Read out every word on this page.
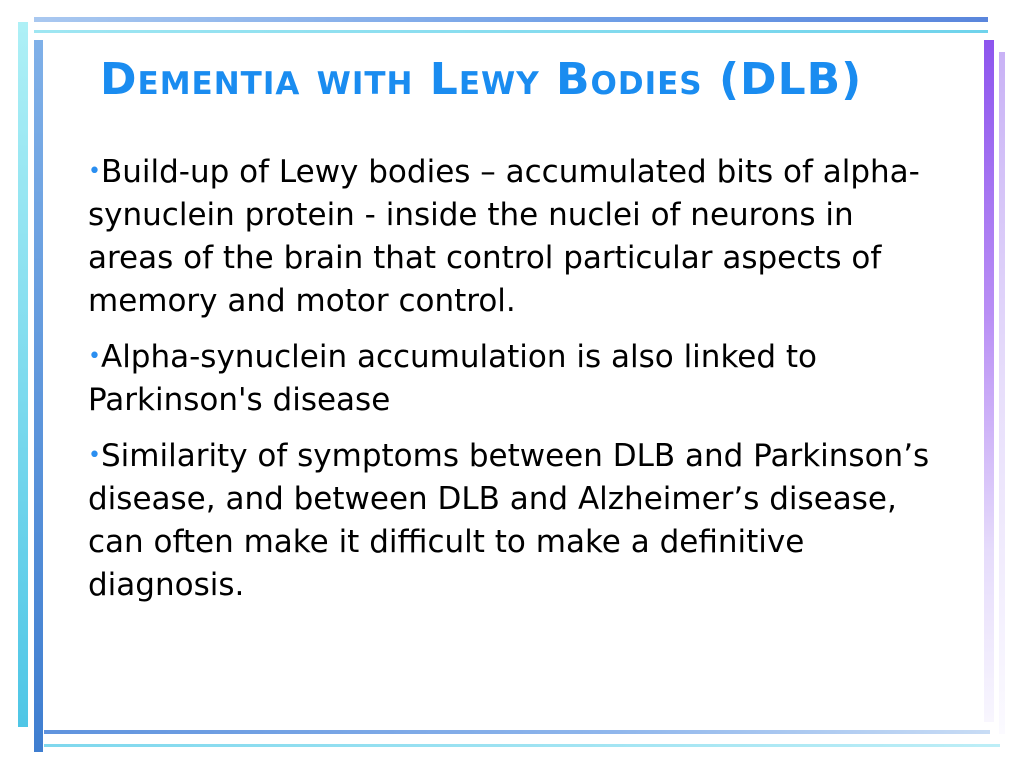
Dementia with Lewy Bodies (DLB)
•Build-up of Lewy bodies – accumulated bits of alpha-synuclein protein - inside the nuclei of neurons in areas of the brain that control particular aspects of memory and motor control.
•Alpha-synuclein accumulation is also linked to Parkinson's disease
•Similarity of symptoms between DLB and Parkinson’s disease, and between DLB and Alzheimer’s disease, can often make it difficult to make a definitive diagnosis.
